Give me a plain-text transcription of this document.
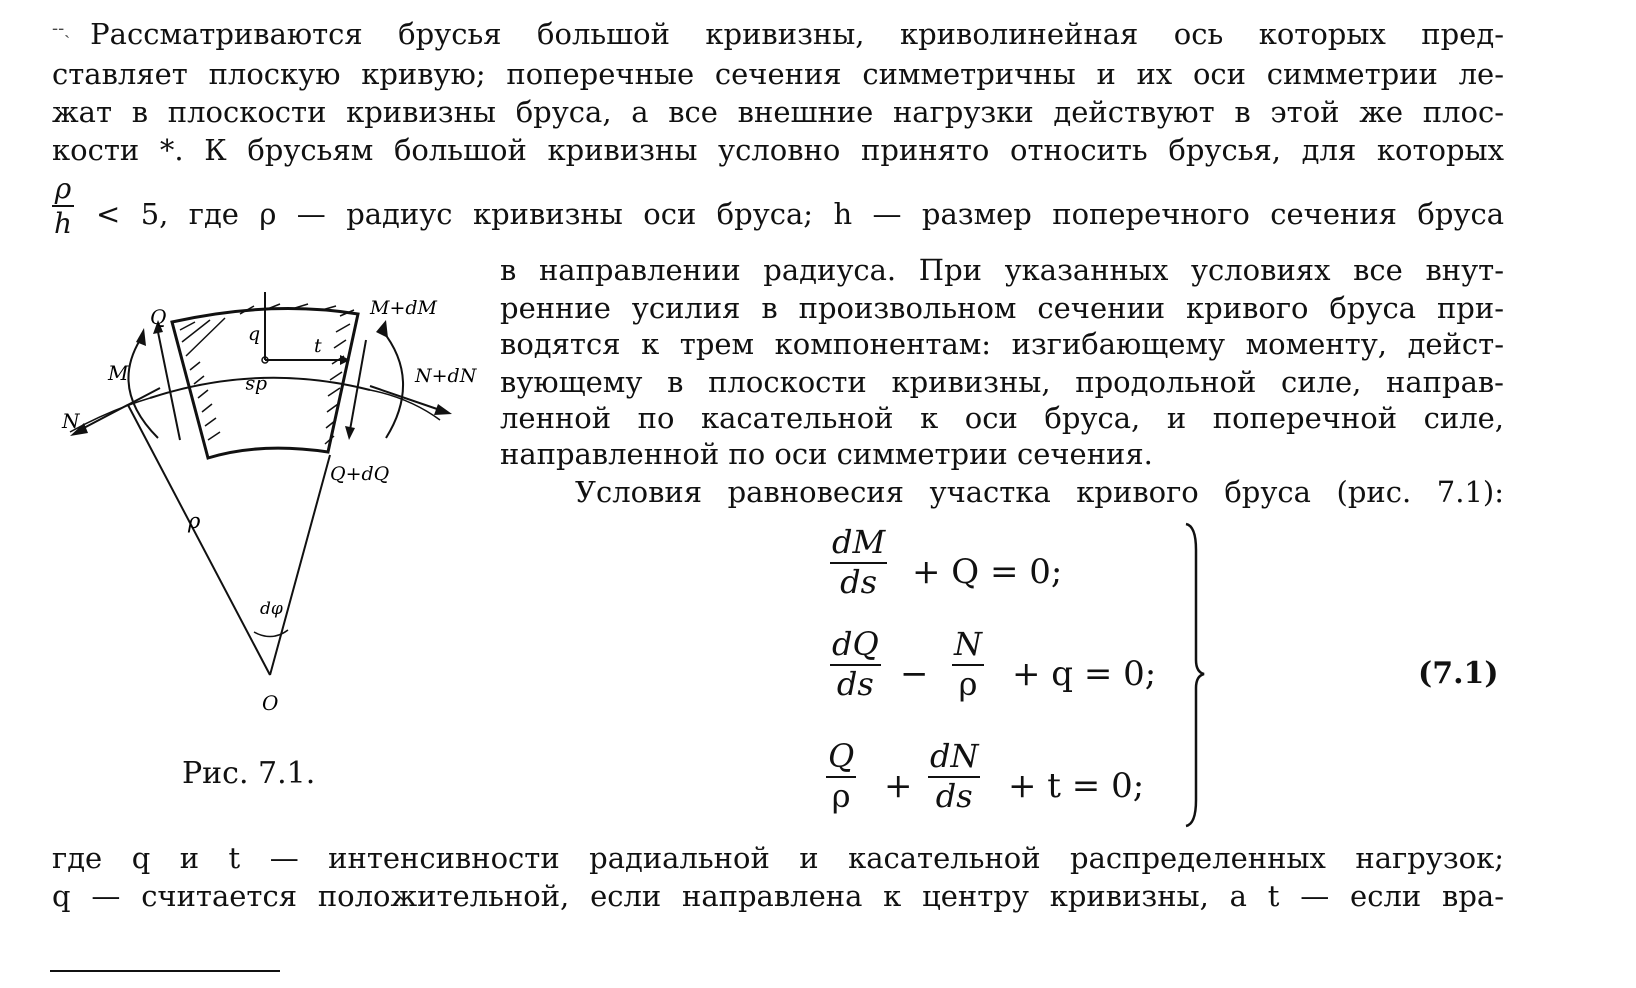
‐‐ˏ Рассматриваются брусья большой кривизны, криволинейная ось которых пред-
ставляет плоскую кривую; поперечные сечения симметричны и их оси симметрии ле-
жат в плоскости кривизны бруса, а все внешние нагрузки действуют в этой же плос-
кости *. К брусьям большой кривизны условно принято относить брусья, для которых
ρ
h < 5, где ρ — радиус кривизны оси бруса; h — размер поперечного сечения бруса
в направлении радиуса. При указанных условиях все внут-
ренние усилия в произвольном сечении кривого бруса при-
водятся к трем компонентам: изгибающему моменту, дейст-
вующему в плоскости кривизны, продольной силе, направ-
ленной по касательной к оси бруса, и поперечной силе,
направленной по оси симметрии сечения.
Условия равновесия участка кривого бруса (рис. 7.1):
Q	M+dM
M	N+dN
N
q
t
ds
Q+dQ
ρ
dφ
O
Рис. 7.1.
dM
ds + Q = 0;
dQ
ds −
N
ρ + q = 0;
Q
ρ +
dN
ds + t = 0;
(7.1)
где q и t — интенсивности радиальной и касательной распределенных нагрузок;
q — считается положительной, если направлена к центру кривизны, а t — если вра-
